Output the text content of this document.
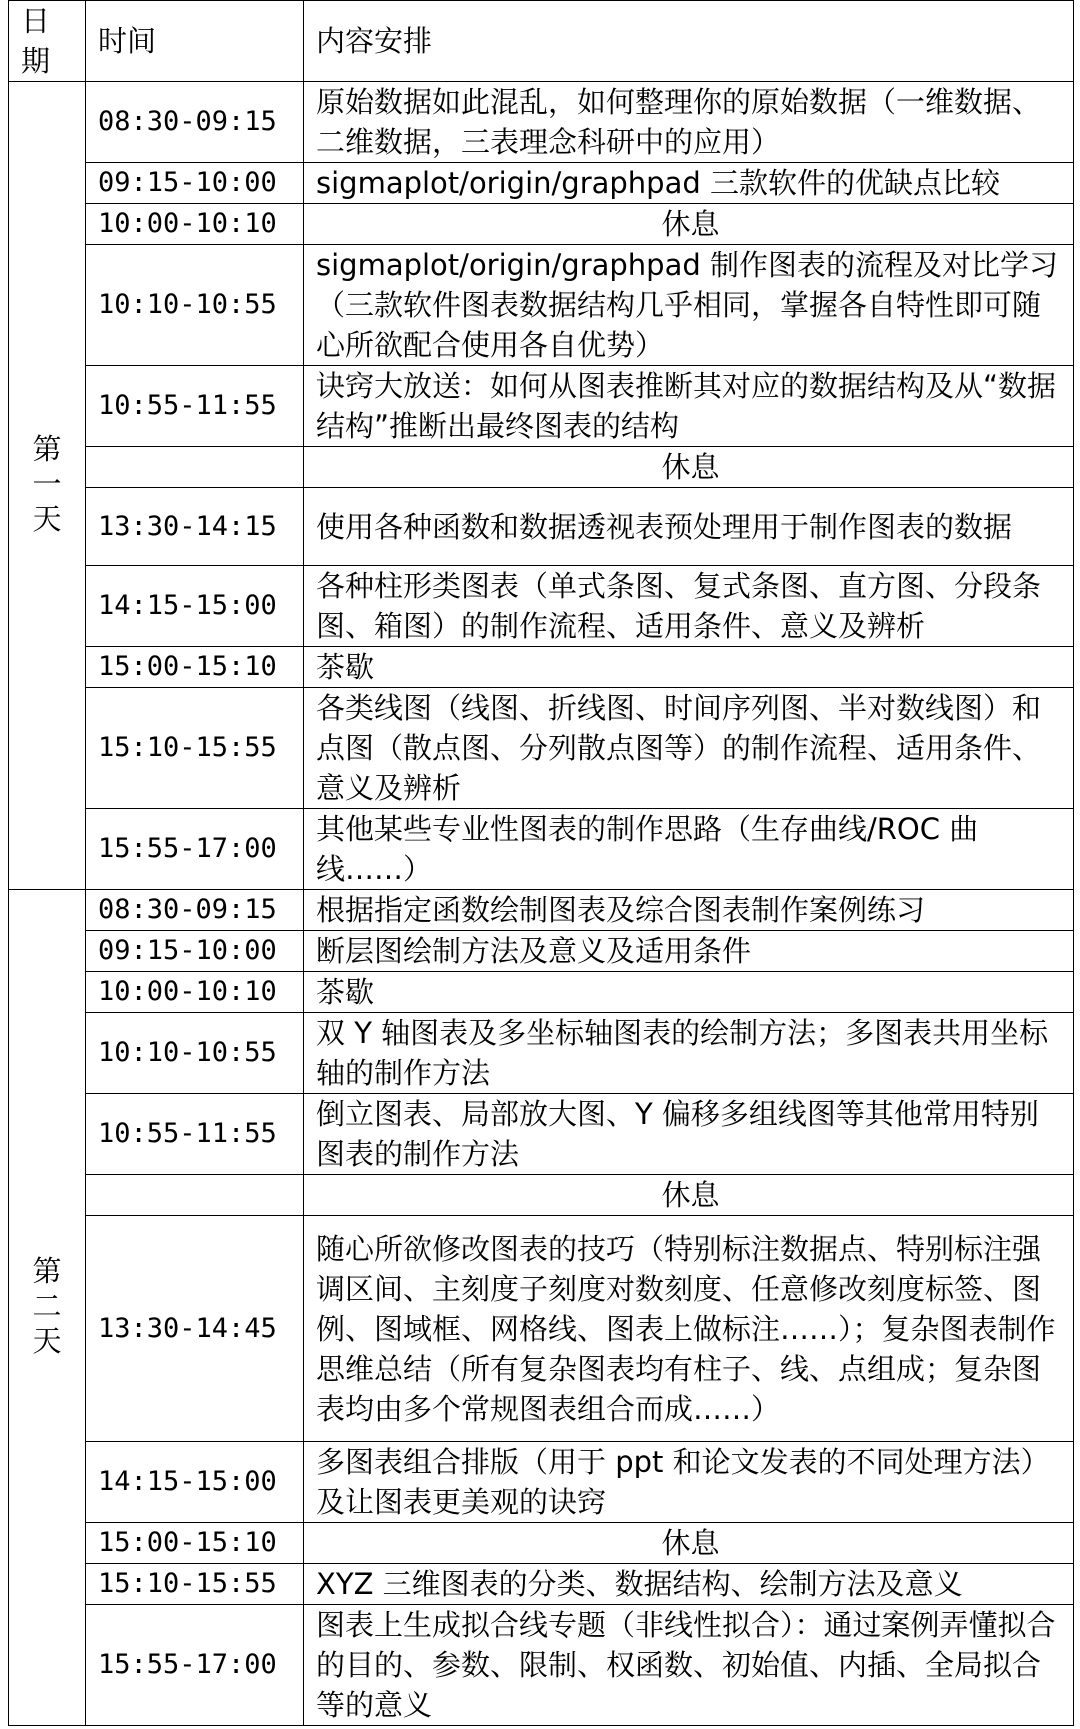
日期	时间	内容安排
第一天	08:30-09:15	原始数据如此混乱，如何整理你的原始数据（一维数据、二维数据，三表理念科研中的应用）
	09:15-10:00	sigmaplot/origin/graphpad 三款软件的优缺点比较
	10:00-10:10	休息
	10:10-10:55	sigmaplot/origin/graphpad 制作图表的流程及对比学习（三款软件图表数据结构几乎相同，掌握各自特性即可随心所欲配合使用各自优势）
	10:55-11:55	诀窍大放送：如何从图表推断其对应的数据结构及从“数据结构”推断出最终图表的结构
		休息
	13:30-14:15	使用各种函数和数据透视表预处理用于制作图表的数据
	14:15-15:00	各种柱形类图表（单式条图、复式条图、直方图、分段条图、箱图）的制作流程、适用条件、意义及辨析
	15:00-15:10	茶歇
	15:10-15:55	各类线图（线图、折线图、时间序列图、半对数线图）和点图（散点图、分列散点图等）的制作流程、适用条件、意义及辨析
	15:55-17:00	其他某些专业性图表的制作思路（生存曲线/ROC 曲线……）
第二天	08:30-09:15	根据指定函数绘制图表及综合图表制作案例练习
	09:15-10:00	断层图绘制方法及意义及适用条件
	10:00-10:10	茶歇
	10:10-10:55	双 Y 轴图表及多坐标轴图表的绘制方法；多图表共用坐标轴的制作方法
	10:55-11:55	倒立图表、局部放大图、Y 偏移多组线图等其他常用特别图表的制作方法
		休息
	13:30-14:45	随心所欲修改图表的技巧（特别标注数据点、特别标注强调区间、主刻度子刻度对数刻度、任意修改刻度标签、图例、图域框、网格线、图表上做标注……）；复杂图表制作思维总结（所有复杂图表均有柱子、线、点组成；复杂图表均由多个常规图表组合而成……）
	14:15-15:00	多图表组合排版（用于 ppt 和论文发表的不同处理方法）及让图表更美观的诀窍
	15:00-15:10	休息
	15:10-15:55	XYZ 三维图表的分类、数据结构、绘制方法及意义
	15:55-17:00	图表上生成拟合线专题（非线性拟合）：通过案例弄懂拟合的目的、参数、限制、权函数、初始值、内插、全局拟合等的意义
